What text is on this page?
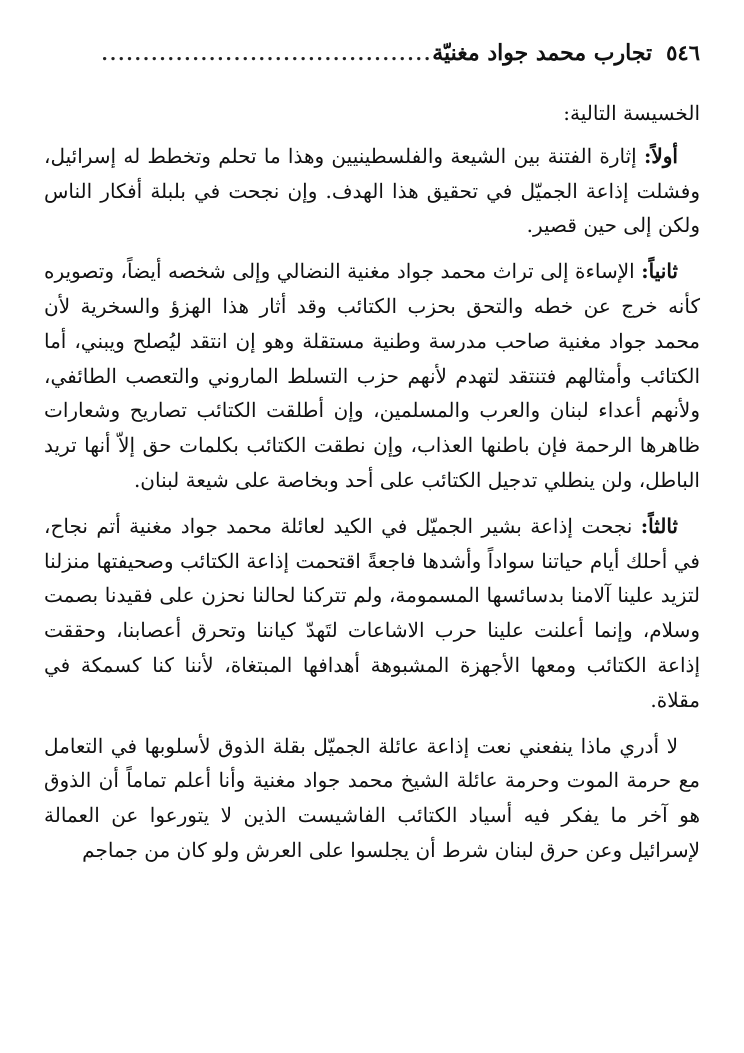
٥٤٦
تجارب محمد جواد مغنيّة
........................................

الخسيسة التالية:

أولاً: إثارة الفتنة بين الشيعة والفلسطينيين وهذا ما تحلم وتخطط له إسرائيل، وفشلت إذاعة الجميّل في تحقيق هذا الهدف. وإن نجحت في بلبلة أفكار الناس ولكن إلى حين قصير.

ثانياً: الإساءة إلى تراث محمد جواد مغنية النضالي وإلى شخصه أيضاً، وتصويره كأنه خرج عن خطه والتحق بحزب الكتائب وقد أثار هذا الهزؤ والسخرية لأن محمد جواد مغنية صاحب مدرسة وطنية مستقلة وهو إن انتقد ليُصلح ويبني، أما الكتائب وأمثالهم فتنتقد لتهدم لأنهم حزب التسلط الماروني والتعصب الطائفي، ولأنهم أعداء لبنان والعرب والمسلمين، وإن أطلقت الكتائب تصاريح وشعارات ظاهرها الرحمة فإن باطنها العذاب، وإن نطقت الكتائب بكلمات حق إلاّ أنها تريد الباطل، ولن ينطلي تدجيل الكتائب على أحد وبخاصة على شيعة لبنان.

ثالثاً: نجحت إذاعة بشير الجميّل في الكيد لعائلة محمد جواد مغنية أتم نجاح، في أحلك أيام حياتنا سواداً وأشدها فاجعةً اقتحمت إذاعة الكتائب وصحيفتها منزلنا لتزيد علينا آلامنا بدسائسها المسمومة، ولم تتركنا لحالنا نحزن على فقيدنا بصمت وسلام، وإنما أعلنت علينا حرب الاشاعات لتَهدّ كياننا وتحرق أعصابنا، وحققت إذاعة الكتائب ومعها الأجهزة المشبوهة أهدافها المبتغاة، لأننا كنا كسمكة في مقلاة.

لا أدري ماذا ينفعني نعت إذاعة عائلة الجميّل بقلة الذوق لأسلوبها في التعامل مع حرمة الموت وحرمة عائلة الشيخ محمد جواد مغنية وأنا أعلم تماماً أن الذوق هو آخر ما يفكر فيه أسياد الكتائب الفاشيست الذين لا يتورعوا عن العمالة لإسرائيل وعن حرق لبنان شرط أن يجلسوا على العرش ولو كان من جماجم
